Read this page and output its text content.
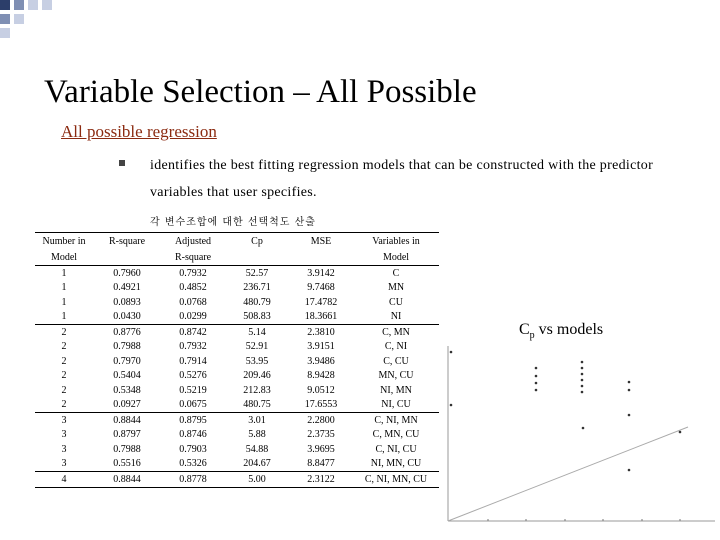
Variable Selection – All Possible
All possible regression
identifies the best fitting regression models that can be constructed with the predictor variables that user specifies.
각 변수조합에 대한 선택척도 산출
Number in	R-square	Adjusted	Cp	MSE	Variables in
Model		R-square			Model
1	0.7960	0.7932	52.57	3.9142	C
1	0.4921	0.4852	236.71	9.7468	MN
1	0.0893	0.0768	480.79	17.4782	CU
1	0.0430	0.0299	508.83	18.3661	NI
2	0.8776	0.8742	5.14	2.3810	C, MN
2	0.7988	0.7932	52.91	3.9151	C, NI
2	0.7970	0.7914	53.95	3.9486	C, CU
2	0.5404	0.5276	209.46	8.9428	MN, CU
2	0.5348	0.5219	212.83	9.0512	NI, MN
2	0.0927	0.0675	480.75	17.6553	NI, CU
3	0.8844	0.8795	3.01	2.2800	C, NI, MN
3	0.8797	0.8746	5.88	2.3735	C, MN, CU
3	0.7988	0.7903	54.88	3.9695	C, NI, CU
3	0.5516	0.5326	204.67	8.8477	NI, MN, CU
4	0.8844	0.8778	5.00	2.3122	C, NI, MN, CU
$C_p$ vs models
